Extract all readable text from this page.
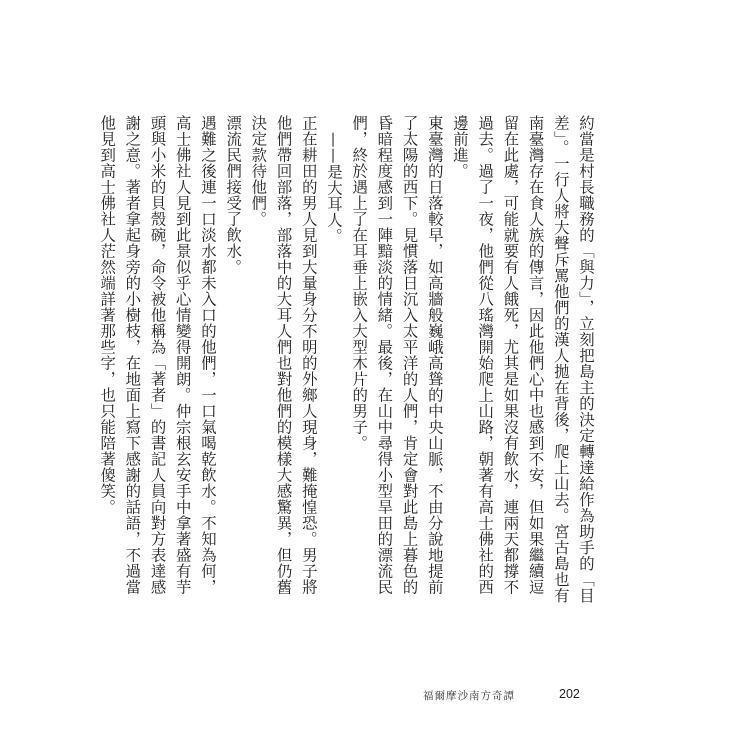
約當是村長職務的「與力」，立刻把島主的決定轉達給作為助手的「目差」。一行人將大聲斥罵他們的漢人拋在背後，爬上山去。宮古島也有南臺灣存在食人族的傳言，因此他們心中也感到不安，但如果繼續逗留在此處，可能就要有人餓死，尤其是如果沒有飲水，連兩天都撐不過去。過了一夜，他們從八瑤灣開始爬上山路，朝著有高士佛社的西邊前進。

東臺灣的日落較早，如高牆般巍峨高聳的中央山脈，不由分說地提前了太陽的西下。見慣落日沉入太平洋的人們，肯定會對此島上暮色的昏暗程度感到一陣黯淡的情緒。最後，在山中尋得小型旱田的漂流民們，終於遇上了在耳垂上嵌入大型木片的男子。

——是大耳人。

正在耕田的男人見到大量身分不明的外鄉人現身，難掩惶恐。男子將他們帶回部落，部落中的大耳人們也對他們的模樣大感驚異，但仍舊決定款待他們。

漂流民們接受了飲水。

遇難之後連一口淡水都未入口的他們，一口氣喝乾飲水。不知為何，高士佛社人見到此景似乎心情變得開朗。仲宗根玄安手中拿著盛有芋頭與小米的貝殼碗，命令被他稱為「著者」的書記人員向對方表達感謝之意。著者拿起身旁的小樹枝，在地面上寫下感謝的話語，不過當他見到高士佛社人茫然端詳著那些字，也只能陪著傻笑。

福爾摩沙南方奇譚	202
